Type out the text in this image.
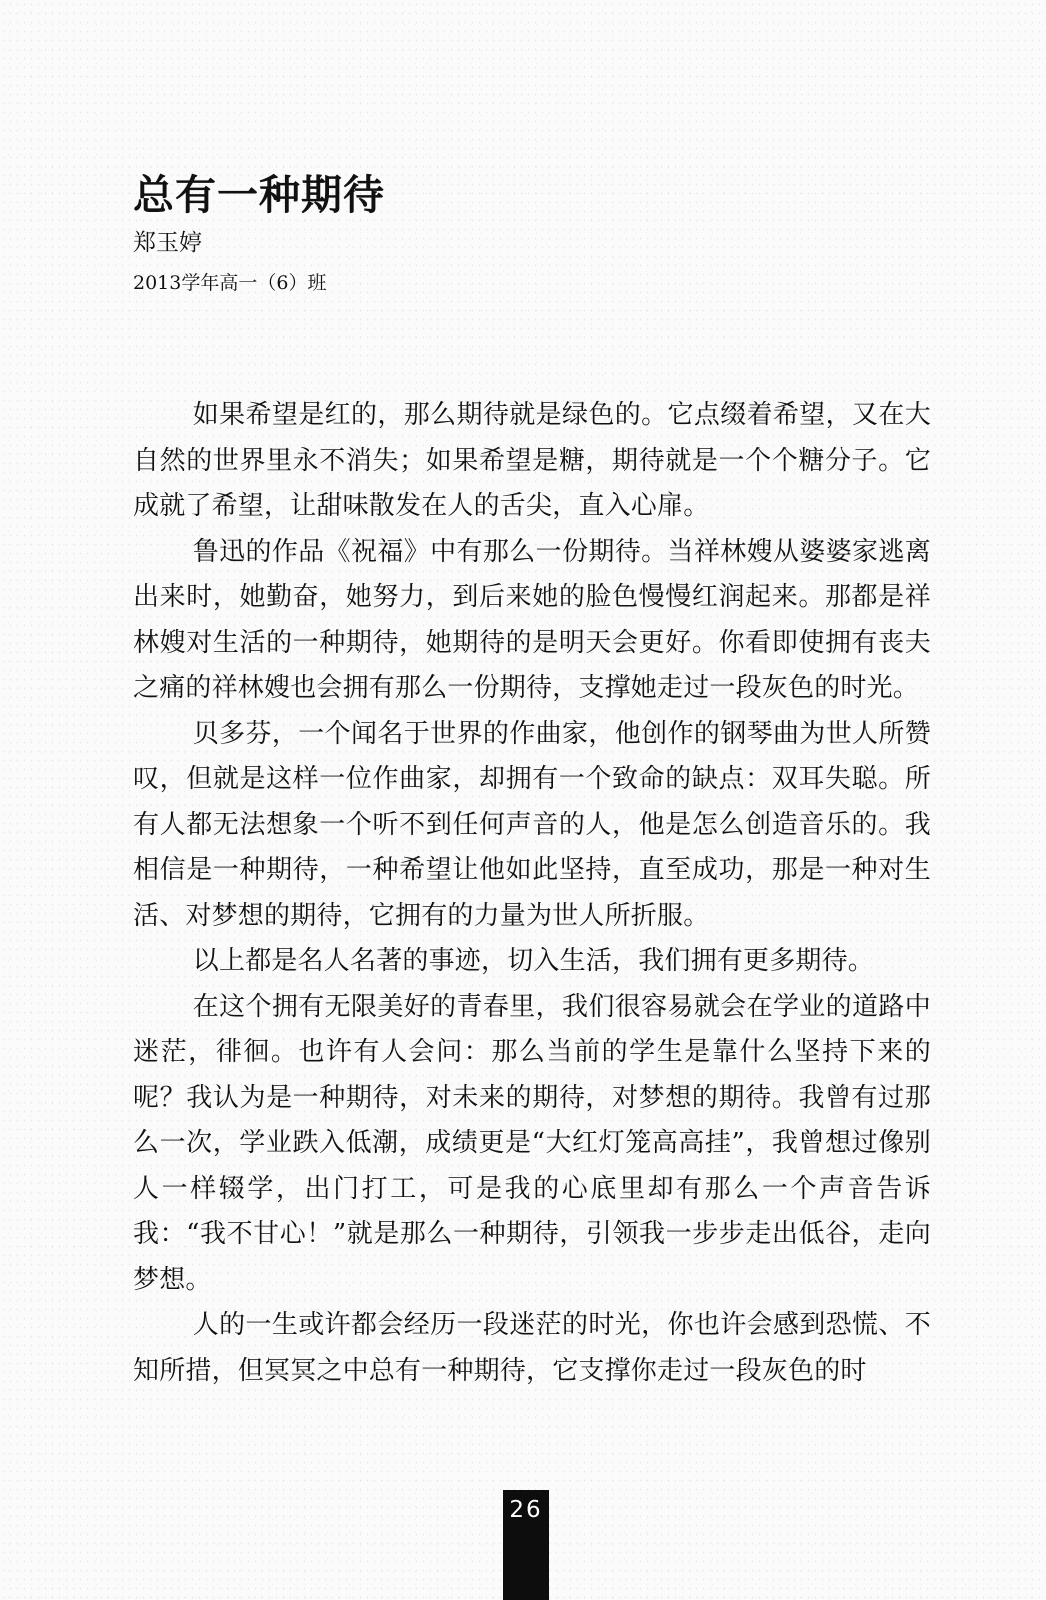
总有一种期待
郑玉婷
2013学年高一（6）班

如果希望是红的，那么期待就是绿色的。它点缀着希望，又在大自然的世界里永不消失；如果希望是糖，期待就是一个个糖分子。它成就了希望，让甜味散发在人的舌尖，直入心扉。

鲁迅的作品《祝福》中有那么一份期待。当祥林嫂从婆婆家逃离出来时，她勤奋，她努力，到后来她的脸色慢慢红润起来。那都是祥林嫂对生活的一种期待，她期待的是明天会更好。你看即使拥有丧夫之痛的祥林嫂也会拥有那么一份期待，支撑她走过一段灰色的时光。

贝多芬，一个闻名于世界的作曲家，他创作的钢琴曲为世人所赞叹，但就是这样一位作曲家，却拥有一个致命的缺点：双耳失聪。所有人都无法想象一个听不到任何声音的人，他是怎么创造音乐的。我相信是一种期待，一种希望让他如此坚持，直至成功，那是一种对生活、对梦想的期待，它拥有的力量为世人所折服。

以上都是名人名著的事迹，切入生活，我们拥有更多期待。

在这个拥有无限美好的青春里，我们很容易就会在学业的道路中迷茫，徘徊。也许有人会问：那么当前的学生是靠什么坚持下来的呢？我认为是一种期待，对未来的期待，对梦想的期待。我曾有过那么一次，学业跌入低潮，成绩更是“大红灯笼高高挂”，我曾想过像别人一样辍学，出门打工，可是我的心底里却有那么一个声音告诉我：“我不甘心！”就是那么一种期待，引领我一步步走出低谷，走向梦想。

人的一生或许都会经历一段迷茫的时光，你也许会感到恐慌、不知所措，但冥冥之中总有一种期待，它支撑你走过一段灰色的时

26
